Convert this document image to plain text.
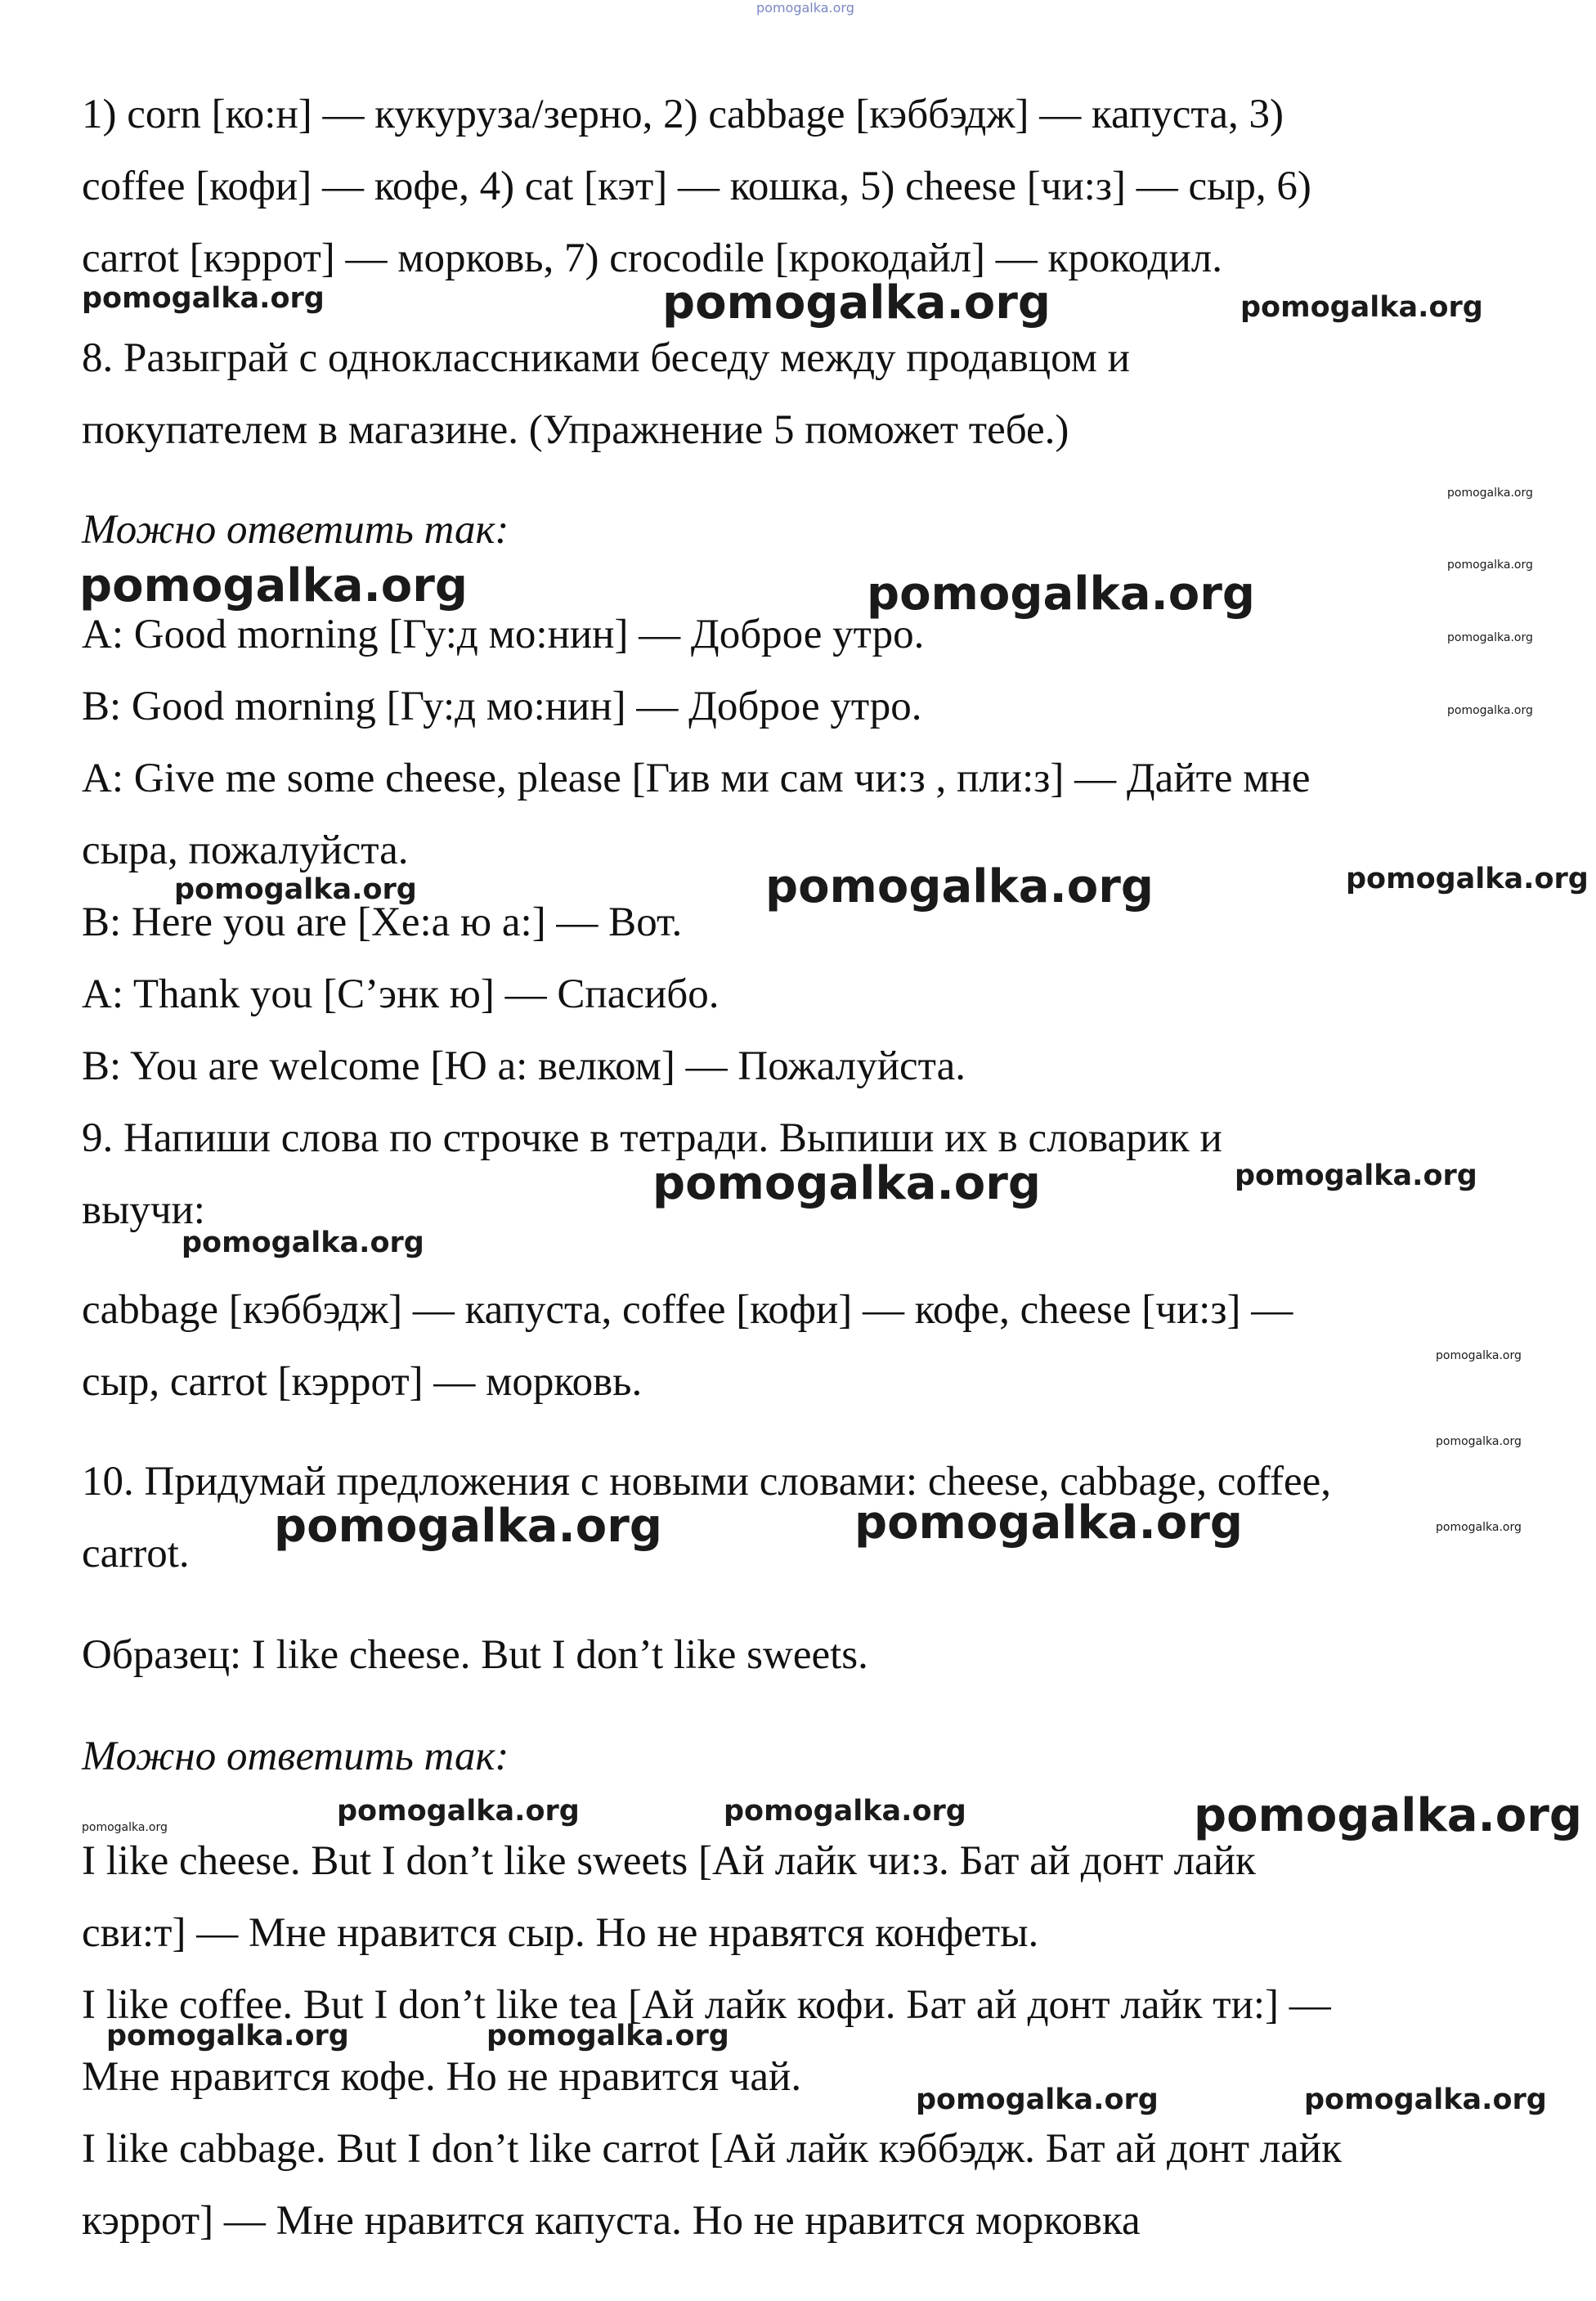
pomogalka.org

1) corn [ко:н] — кукуруза/зерно, 2) cabbage [кэббэдж] — капуста, 3)

coffee [кофи] — кофе, 4) cat [кэт] — кошка, 5) cheese [чи:з] — сыр, 6)

carrot [кэррот] — морковь, 7) crocodile [крокодайл] — крокодил.

8. Разыграй с одноклассниками беседу между продавцом и

покупателем в магазине. (Упражнение 5 поможет тебе.)

Можно ответить так:

A: Good morning [Гу:д мо:нин] — Доброе утро.

B: Good morning [Гу:д мо:нин] — Доброе утро.

A: Give me some cheese, please [Гив ми сам чи:з , пли:з] — Дайте мне

сыра, пожалуйста.

B: Here you are [Хе:а ю а:] — Вот.

A: Thank you [С’энк ю] — Спасибо.

B: You are welcome [Ю а: велком] — Пожалуйста.

9. Напиши слова по строчке в тетради. Выпиши их в словарик и

выучи:

cabbage [кэббэдж] — капуста, coffee [кофи] — кофе, cheese [чи:з] —

сыр, carrot [кэррот] — морковь.

10. Придумай предложения с новыми словами: cheese, cabbage, coffee,

carrot.

Образец: I like cheese. But I don’t like sweets.

Можно ответить так:

I like cheese. But I don’t like sweets [Ай лайк чи:з. Бат ай донт лайк

сви:т] — Мне нравится сыр. Но не нравятся конфеты.

I like coffee. But I don’t like tea [Ай лайк кофи. Бат ай донт лайк ти:] —

Мне нравится кофе. Но не нравится чай.

I like cabbage. But I don’t like carrot [Ай лайк кэббэдж. Бат ай донт лайк

кэррот] — Мне нравится капуста. Но не нравится морковка

pomogalka.org	pomogalka.org	pomogalka.org
pomogalka.org
pomogalka.org
pomogalka.org
pomogalka.org
pomogalka.org	pomogalka.org
pomogalka.org	pomogalka.org	pomogalka.org
pomogalka.org	pomogalka.org
pomogalka.org
pomogalka.org
pomogalka.org
pomogalka.org
pomogalka.org	pomogalka.org
pomogalka.org	pomogalka.org	pomogalka.org	pomogalka.org
pomogalka.org	pomogalka.org
pomogalka.org	pomogalka.org
